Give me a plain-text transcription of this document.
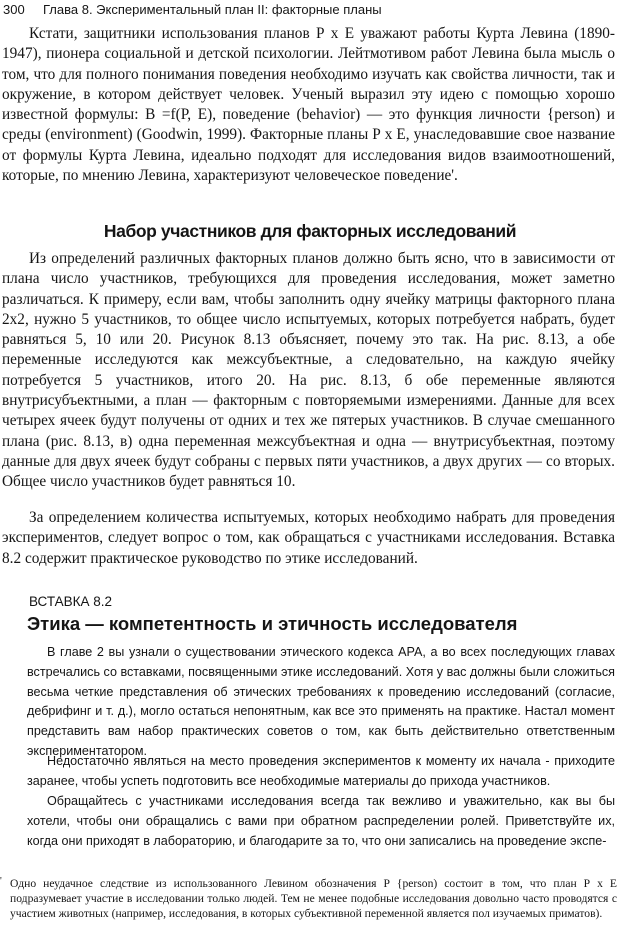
300 Глава 8. Экспериментальный план II: факторные планы

Кстати, защитники использования планов Р х Е уважают работы Курта Левина (1890-1947), пионера социальной и детской психологии. Лейтмотивом работ Левина была мысль о том, что для полного понимания поведения необходимо изучать как свойства личности, так и окружение, в котором действует человек. Ученый выразил эту идею с помощью хорошо известной формулы: В =f(Р, Е), поведение (behavior) — это функция личности {person) и среды (environment) (Goodwin, 1999). Факторные планы Р х Е, унаследовавшие свое название от формулы Курта Левина, идеально подходят для исследования видов взаимоотношений, которые, по мнению Левина, характеризуют человеческое поведение'.

Набор участников для факторных исследований

Из определений различных факторных планов должно быть ясно, что в зависимости от плана число участников, требующихся для проведения исследования, может заметно различаться. К примеру, если вам, чтобы заполнить одну ячейку матрицы факторного плана 2x2, нужно 5 участников, то общее число испытуемых, которых потребуется набрать, будет равняться 5, 10 или 20. Рисунок 8.13 объясняет, почему это так. На рис. 8.13, а обе переменные исследуются как межсубъектные, а следовательно, на каждую ячейку потребуется 5 участников, итого 20. На рис. 8.13, б обе переменные являются внутрисубъектными, а план — факторным с повторяемыми измерениями. Данные для всех четырех ячеек будут получены от одних и тех же пятерых участников. В случае смешанного плана (рис. 8.13, в) одна переменная межсубъектная и одна — внутрисубъектная, поэтому данные для двух ячеек будут собраны с первых пяти участников, а двух других — со вторых. Общее число участников будет равняться 10.

За определением количества испытуемых, которых необходимо набрать для проведения экспериментов, следует вопрос о том, как обращаться с участниками исследования. Вставка 8.2 содержит практическое руководство по этике исследований.

ВСТАВКА 8.2

Этика — компетентность и этичность исследователя

В главе 2 вы узнали о существовании этического кодекса APA, а во всех последующих главах встречались со вставками, посвященными этике исследований. Хотя у вас должны были сложиться весьма четкие представления об этических требованиях к проведению исследований (согласие, дебрифинг и т. д.), могло остаться непонятным, как все это применять на практике. Настал момент представить вам набор практических советов о том, как быть действительно ответственным экспериментатором.

Недостаточно являться на место проведения экспериментов к моменту их начала - приходите заранее, чтобы успеть подготовить все необходимые материалы до прихода участников.

Обращайтесь с участниками исследования всегда так вежливо и уважительно, как вы бы хотели, чтобы они обращались с вами при обратном распределении ролей. Приветствуйте их, когда они приходят в лабораторию, и благодарите за то, что они записались на проведение экспе-

' Одно неудачное следствие из использованного Левином обозначения Р {person) состоит в том, что план Р х Е подразумевает участие в исследовании только людей. Тем не менее подобные исследования довольно часто проводятся с участием животных (например, исследования, в которых субъективной переменной является пол изучаемых приматов).
